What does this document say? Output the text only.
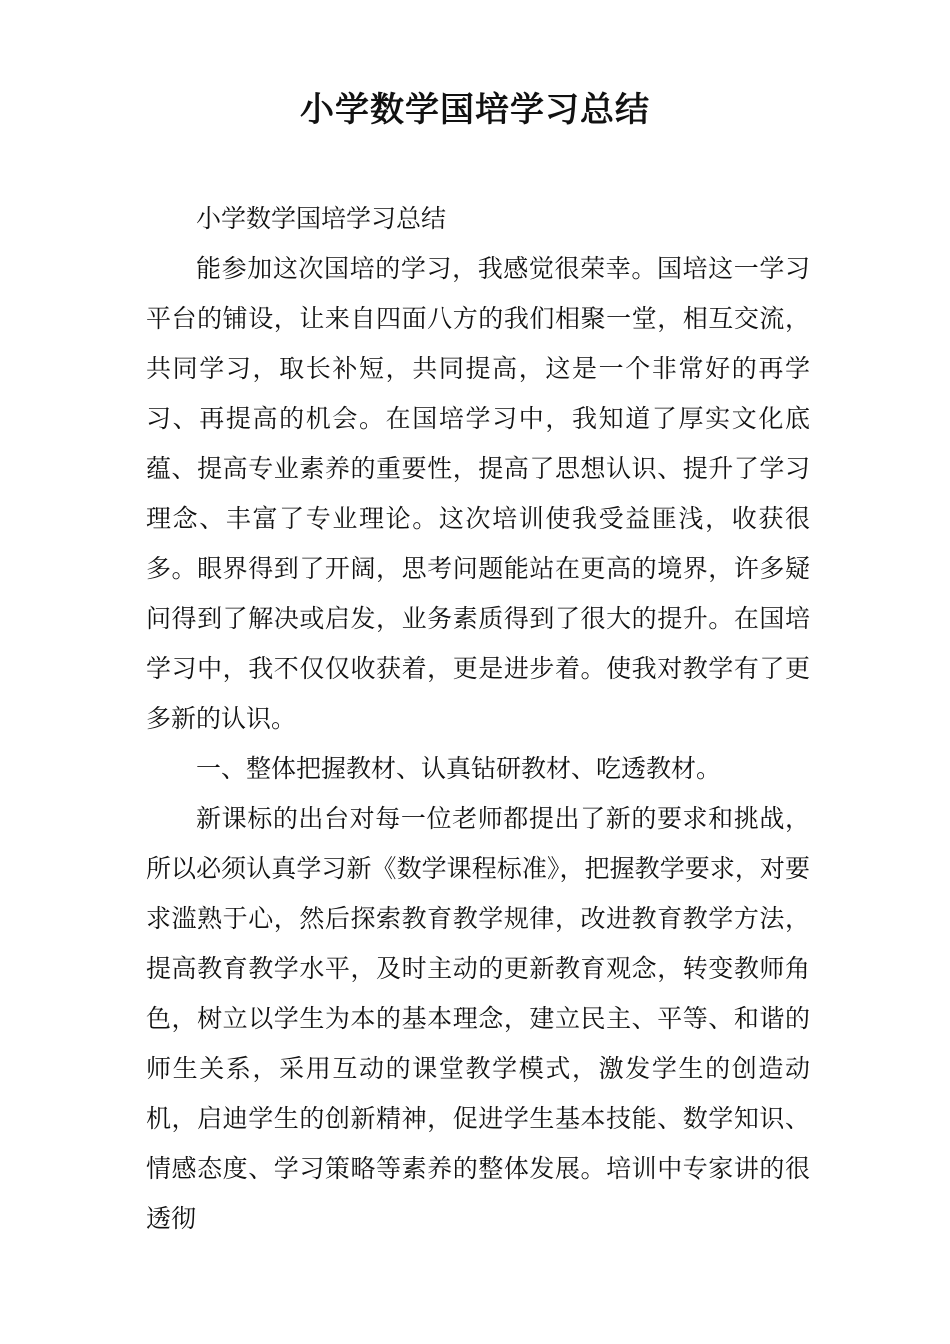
小学数学国培学习总结

小学数学国培学习总结

能参加这次国培的学习，我感觉很荣幸。国培这一学习平台的铺设，让来自四面八方的我们相聚一堂，相互交流，共同学习，取长补短，共同提高，这是一个非常好的再学习、再提高的机会。在国培学习中，我知道了厚实文化底蕴、提高专业素养的重要性，提高了思想认识、提升了学习理念、丰富了专业理论。这次培训使我受益匪浅，收获很多。眼界得到了开阔，思考问题能站在更高的境界，许多疑问得到了解决或启发，业务素质得到了很大的提升。在国培学习中，我不仅仅收获着，更是进步着。使我对教学有了更多新的认识。

一、整体把握教材、认真钻研教材、吃透教材。

新课标的出台对每一位老师都提出了新的要求和挑战，所以必须认真学习新《数学课程标准》，把握教学要求，对要求滥熟于心，然后探索教育教学规律，改进教育教学方法，提高教育教学水平，及时主动的更新教育观念，转变教师角色，树立以学生为本的基本理念，建立民主、平等、和谐的师生关系，采用互动的课堂教学模式，激发学生的创造动机，启迪学生的创新精神，促进学生基本技能、数学知识、情感态度、学习策略等素养的整体发展。培训中专家讲的很透彻
